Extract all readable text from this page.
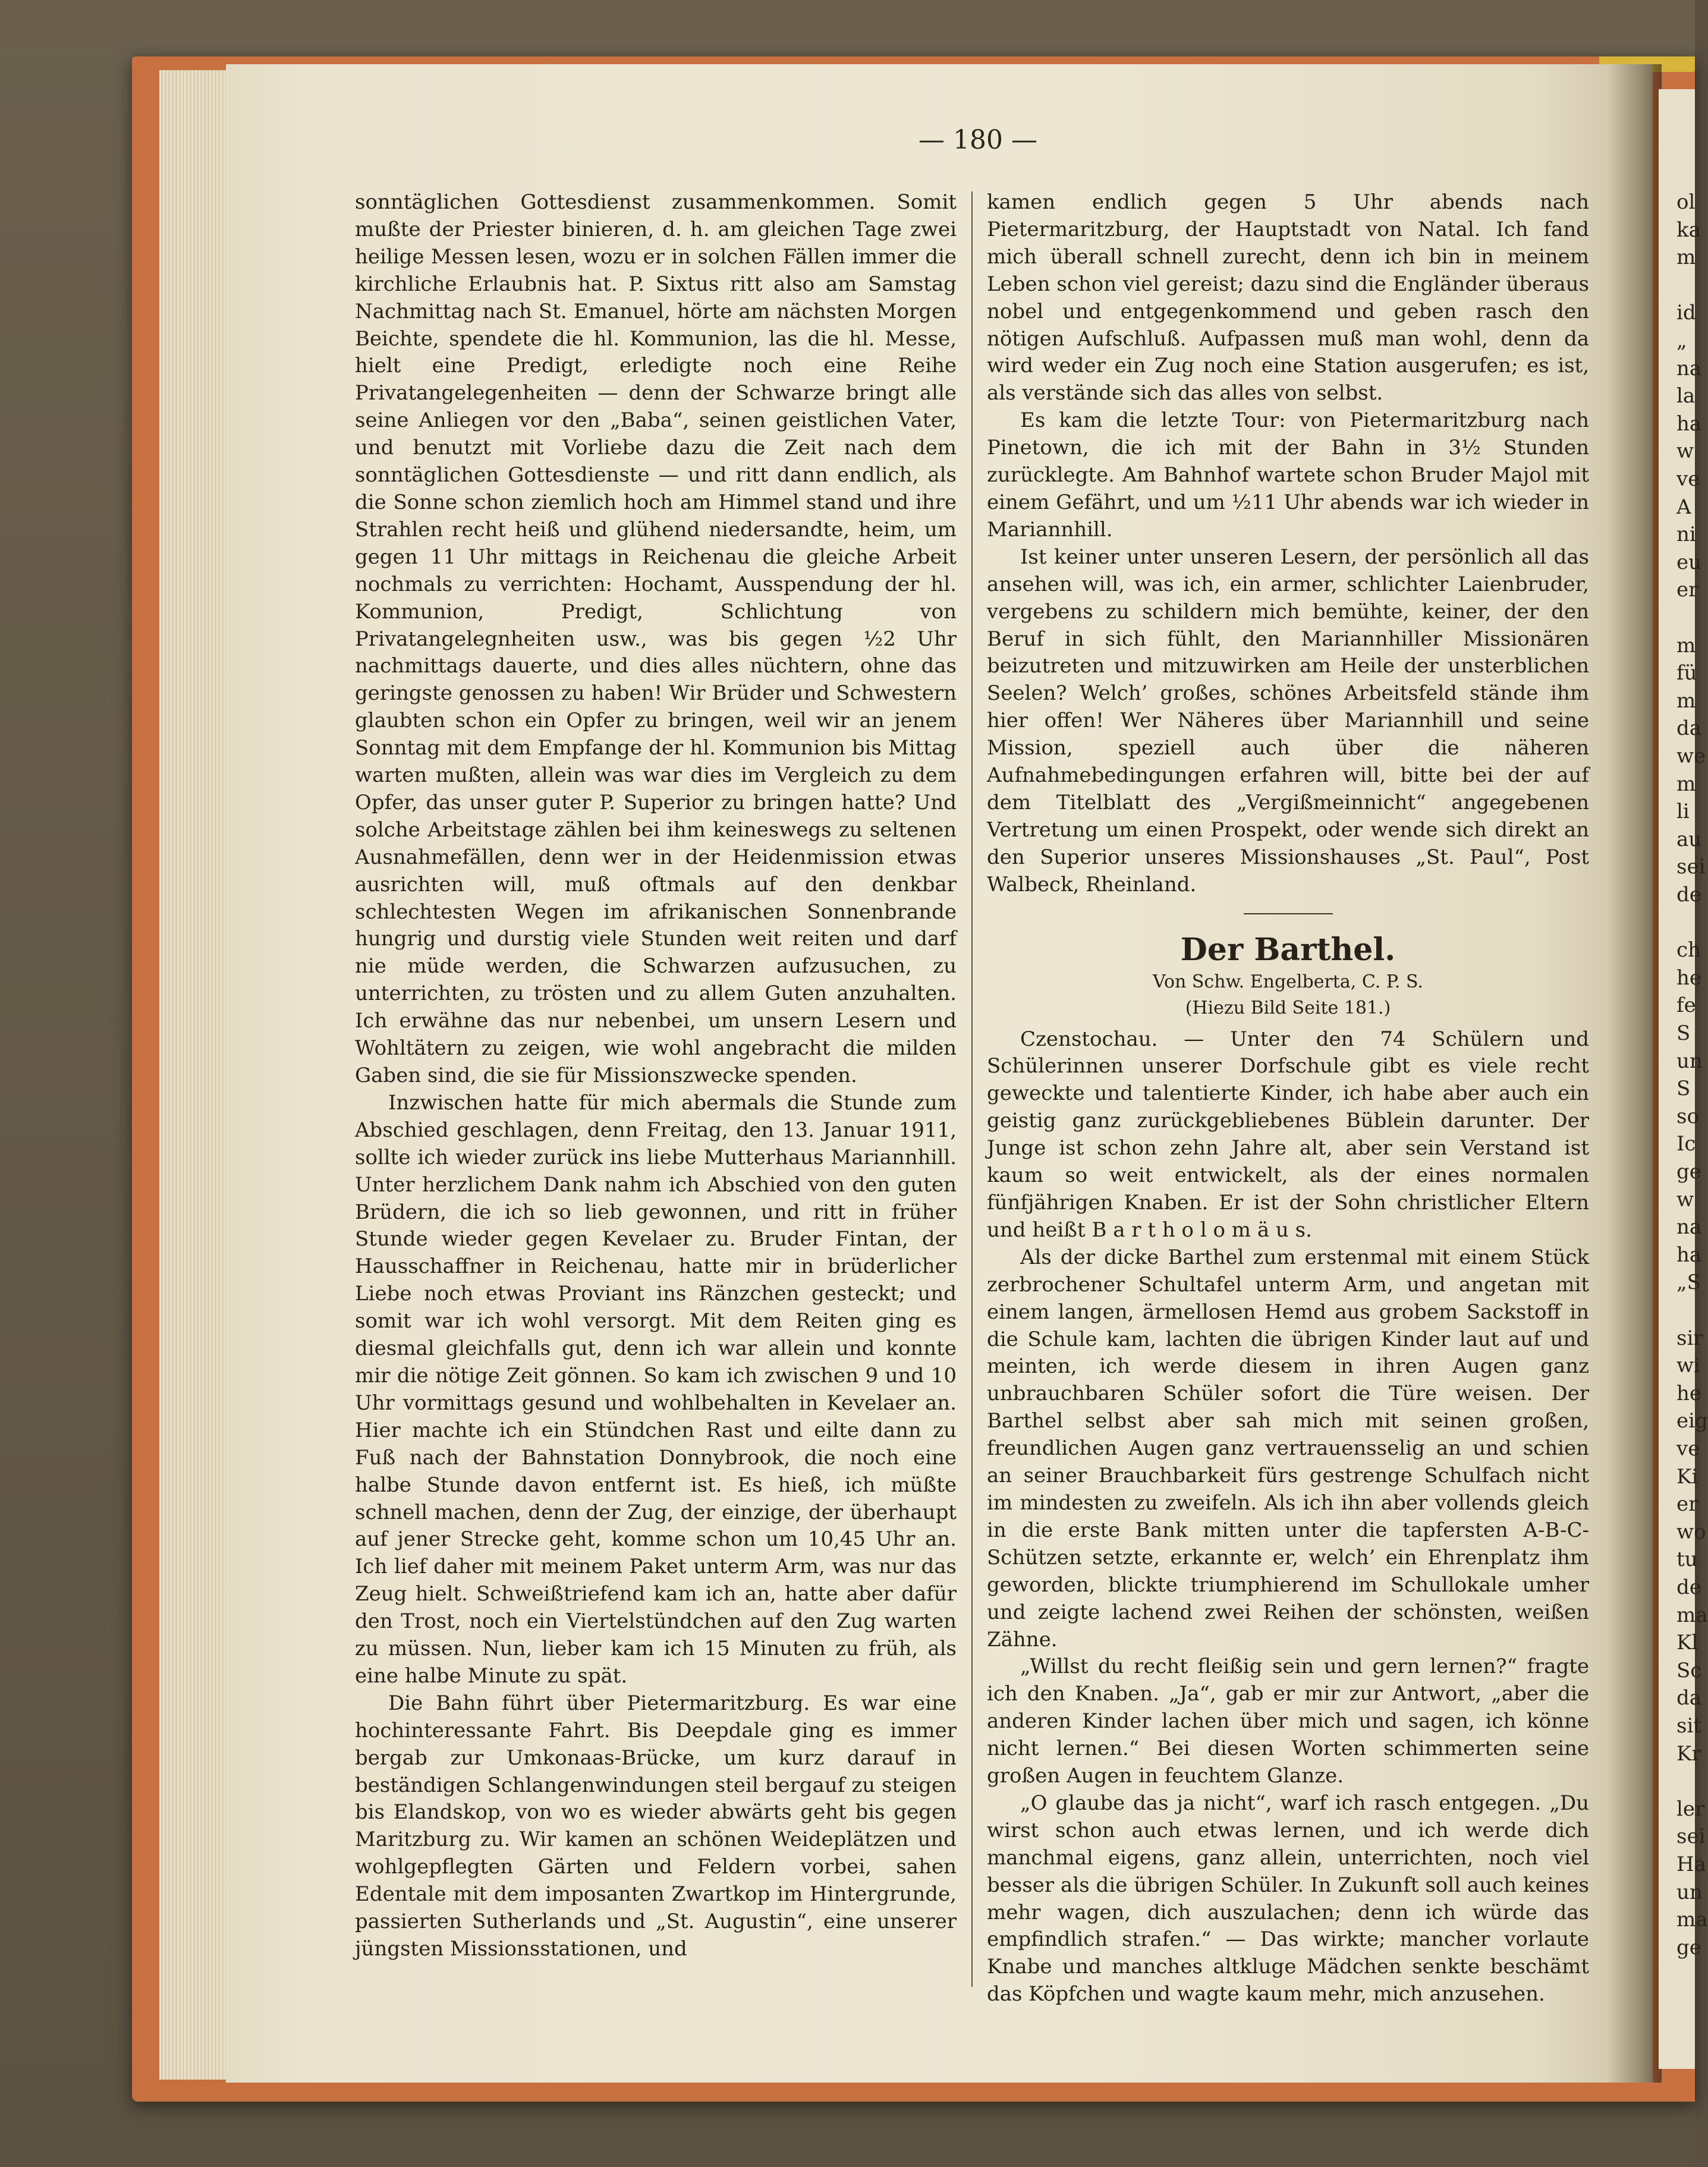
ol
ka
m
id
„
na
la
ha
w
ve
A
ni
eu
er
m
fü
m
da
we
m
li
au
sei
de
ch
he
fe
S
un
S
so
Ic
ge
w
na
ha
„S
sir
wi
he
eig
ve
Ki
er
wo
tu
de
ma
Kl
Sc
da
sit
Kr
ler
sei
Ha
un
ma
ge
— 180 —

sonntäglichen Gottesdienst zusammenkommen. Somit mußte der Priester binieren, d. h. am gleichen Tage zwei heilige Messen lesen, wozu er in solchen Fällen immer die kirchliche Erlaubnis hat. P. Sixtus ritt also am Samstag Nachmittag nach St. Emanuel, hörte am nächsten Morgen Beichte, spendete die hl. Kommunion, las die hl. Messe, hielt eine Predigt, erledigte noch eine Reihe Privatangelegenheiten — denn der Schwarze bringt alle seine Anliegen vor den „Baba“, seinen geistlichen Vater, und benutzt mit Vorliebe dazu die Zeit nach dem sonntäglichen Gottesdienste — und ritt dann endlich, als die Sonne schon ziemlich hoch am Himmel stand und ihre Strahlen recht heiß und glühend niedersandte, heim, um gegen 11 Uhr mittags in Reichenau die gleiche Arbeit nochmals zu verrichten: Hochamt, Ausspendung der hl. Kommunion, Predigt, Schlichtung von Privatangelegnheiten usw., was bis gegen ½2 Uhr nachmittags dauerte, und dies alles nüchtern, ohne das geringste genossen zu haben! Wir Brüder und Schwestern glaubten schon ein Opfer zu bringen, weil wir an jenem Sonntag mit dem Empfange der hl. Kommunion bis Mittag warten mußten, allein was war dies im Vergleich zu dem Opfer, das unser guter P. Superior zu bringen hatte? Und solche Arbeitstage zählen bei ihm keineswegs zu seltenen Ausnahmefällen, denn wer in der Heidenmission etwas ausrichten will, muß oftmals auf den denkbar schlechtesten Wegen im afrikanischen Sonnenbrande hungrig und durstig viele Stunden weit reiten und darf nie müde werden, die Schwarzen aufzusuchen, zu unterrichten, zu trösten und zu allem Guten anzuhalten. Ich erwähne das nur nebenbei, um unsern Lesern und Wohltätern zu zeigen, wie wohl angebracht die milden Gaben sind, die sie für Missionszwecke spenden.

Inzwischen hatte für mich abermals die Stunde zum Abschied geschlagen, denn Freitag, den 13. Januar 1911, sollte ich wieder zurück ins liebe Mutterhaus Mariannhill. Unter herzlichem Dank nahm ich Abschied von den guten Brüdern, die ich so lieb gewonnen, und ritt in früher Stunde wieder gegen Kevelaer zu. Bruder Fintan, der Hausschaffner in Reichenau, hatte mir in brüderlicher Liebe noch etwas Proviant ins Ränzchen gesteckt; und somit war ich wohl versorgt. Mit dem Reiten ging es diesmal gleichfalls gut, denn ich war allein und konnte mir die nötige Zeit gönnen. So kam ich zwischen 9 und 10 Uhr vormittags gesund und wohlbehalten in Kevelaer an. Hier machte ich ein Stündchen Rast und eilte dann zu Fuß nach der Bahnstation Donnybrook, die noch eine halbe Stunde davon entfernt ist. Es hieß, ich müßte schnell machen, denn der Zug, der einzige, der überhaupt auf jener Strecke geht, komme schon um 10,45 Uhr an. Ich lief daher mit meinem Paket unterm Arm, was nur das Zeug hielt. Schweißtriefend kam ich an, hatte aber dafür den Trost, noch ein Viertelstündchen auf den Zug warten zu müssen. Nun, lieber kam ich 15 Minuten zu früh, als eine halbe Minute zu spät.

Die Bahn führt über Pietermaritzburg. Es war eine hochinteressante Fahrt. Bis Deepdale ging es immer bergab zur Umkonaas-Brücke, um kurz darauf in beständigen Schlangenwindungen steil bergauf zu steigen bis Elandskop, von wo es wieder abwärts geht bis gegen Maritzburg zu. Wir kamen an schönen Weideplätzen und wohlgepflegten Gärten und Feldern vorbei, sahen Edentale mit dem imposanten Zwartkop im Hintergrunde, passierten Sutherlands und „St. Augustin“, eine unserer jüngsten Missionsstationen, und

kamen endlich gegen 5 Uhr abends nach Pietermaritzburg, der Hauptstadt von Natal. Ich fand mich überall schnell zurecht, denn ich bin in meinem Leben schon viel gereist; dazu sind die Engländer überaus nobel und entgegenkommend und geben rasch den nötigen Aufschluß. Aufpassen muß man wohl, denn da wird weder ein Zug noch eine Station ausgerufen; es ist, als verstände sich das alles von selbst.

Es kam die letzte Tour: von Pietermaritzburg nach Pinetown, die ich mit der Bahn in 3½ Stunden zurücklegte. Am Bahnhof wartete schon Bruder Majol mit einem Gefährt, und um ½11 Uhr abends war ich wieder in Mariannhill.

Ist keiner unter unseren Lesern, der persönlich all das ansehen will, was ich, ein armer, schlichter Laienbruder, vergebens zu schildern mich bemühte, keiner, der den Beruf in sich fühlt, den Mariannhiller Missionären beizutreten und mitzuwirken am Heile der unsterblichen Seelen? Welch’ großes, schönes Arbeitsfeld stände ihm hier offen! Wer Näheres über Mariannhill und seine Mission, speziell auch über die näheren Aufnahmebedingungen erfahren will, bitte bei der auf dem Titelblatt des „Vergißmeinnicht“ angegebenen Vertretung um einen Prospekt, oder wende sich direkt an den Superior unseres Missionshauses „St. Paul“, Post Walbeck, Rheinland.

Der Barthel.

Von Schw. Engelberta, C. P. S.

(Hiezu Bild Seite 181.)

Czenstochau. — Unter den 74 Schülern und Schülerinnen unserer Dorfschule gibt es viele recht geweckte und talentierte Kinder, ich habe aber auch ein geistig ganz zurückgebliebenes Büblein darunter. Der Junge ist schon zehn Jahre alt, aber sein Verstand ist kaum so weit entwickelt, als der eines normalen fünfjährigen Knaben. Er ist der Sohn christlicher Eltern und heißt B a r t h o l o m ä u s.

Als der dicke Barthel zum erstenmal mit einem Stück zerbrochener Schultafel unterm Arm, und angetan mit einem langen, ärmellosen Hemd aus grobem Sackstoff in die Schule kam, lachten die übrigen Kinder laut auf und meinten, ich werde diesem in ihren Augen ganz unbrauchbaren Schüler sofort die Türe weisen. Der Barthel selbst aber sah mich mit seinen großen, freundlichen Augen ganz vertrauensselig an und schien an seiner Brauchbarkeit fürs gestrenge Schulfach nicht im mindesten zu zweifeln. Als ich ihn aber vollends gleich in die erste Bank mitten unter die tapfersten A-B-C-Schützen setzte, erkannte er, welch’ ein Ehrenplatz ihm geworden, blickte triumphierend im Schullokale umher und zeigte lachend zwei Reihen der schönsten, weißen Zähne.

„Willst du recht fleißig sein und gern lernen?“ fragte ich den Knaben. „Ja“, gab er mir zur Antwort, „aber die anderen Kinder lachen über mich und sagen, ich könne nicht lernen.“ Bei diesen Worten schimmerten seine großen Augen in feuchtem Glanze.

„O glaube das ja nicht“, warf ich rasch entgegen. „Du wirst schon auch etwas lernen, und ich werde dich manchmal eigens, ganz allein, unterrichten, noch viel besser als die übrigen Schüler. In Zukunft soll auch keines mehr wagen, dich auszulachen; denn ich würde das empfindlich strafen.“ — Das wirkte; mancher vorlaute Knabe und manches altkluge Mädchen senkte beschämt das Köpfchen und wagte kaum mehr, mich anzusehen.
